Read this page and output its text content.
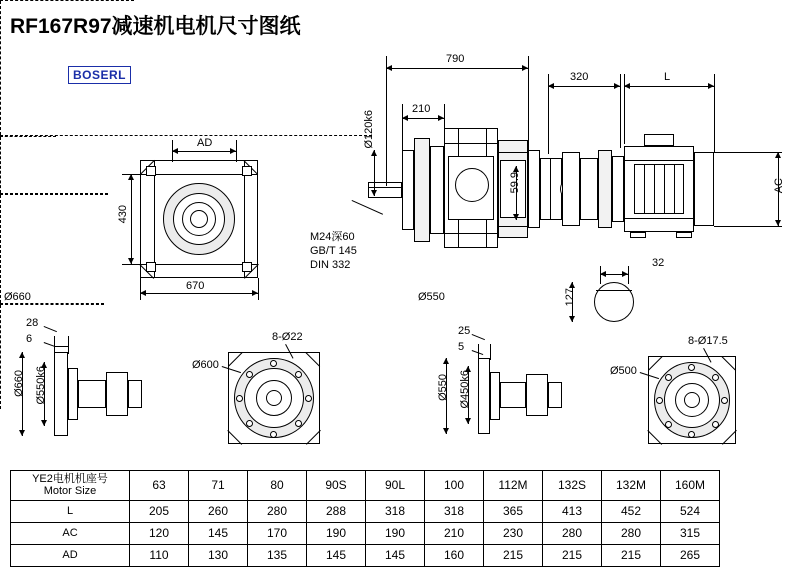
RF167R97减速机电机尺寸图纸
BOSERL
AD
430
670
790
320	L
210
Ø120k6
59.9	AC
M24深60
GB/T 145
DIN 332	32
127
Ø660	Ø550
28
6
Ø660 Ø550k6
Ø600
8-Ø22	25
5
Ø550 Ø450k6	Ø500
8-Ø17.5
YE2电机机座号
Motor Size	63	71	80	90S	90L	100	112M	132S	132M	160M
L	205	260	280	288	318	318	365	413	452	524
AC	120	145	170	190	190	210	230	280	280	315
AD	110	130	135	145	145	160	215	215	215	265
